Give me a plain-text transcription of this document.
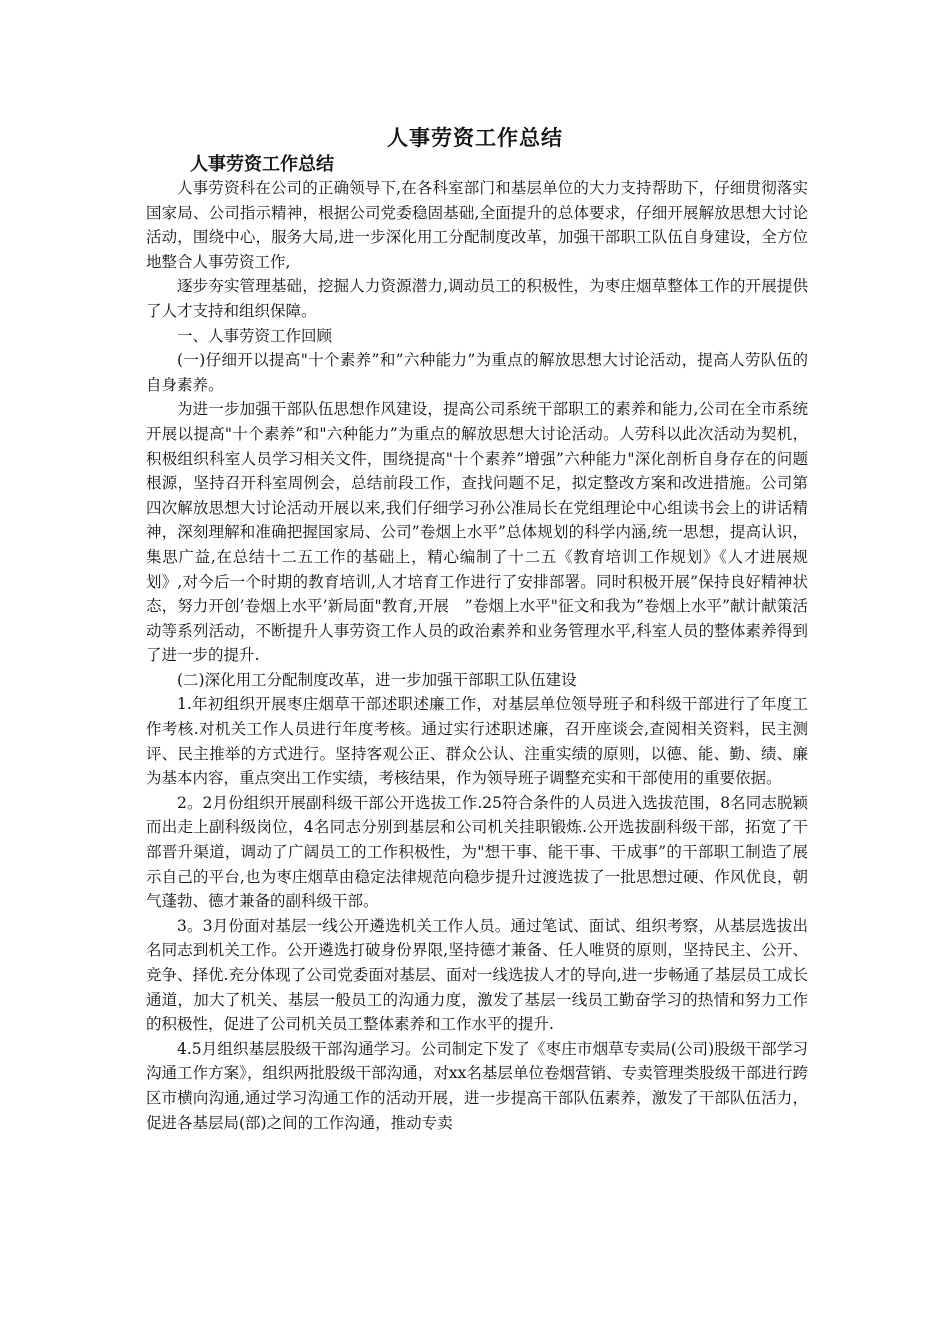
人事劳资工作总结
人事劳资工作总结

人事劳资科在公司的正确领导下,在各科室部门和基层单位的大力支持帮助下，仔细贯彻落实国家局、公司指示精神，根据公司党委稳固基础,全面提升的总体要求，仔细开展解放思想大讨论活动，围绕中心，服务大局,进一步深化用工分配制度改革，加强干部职工队伍自身建设，全方位地整合人事劳资工作,

逐步夯实管理基础，挖掘人力资源潜力,调动员工的积极性，为枣庄烟草整体工作的开展提供了人才支持和组织保障。

一、人事劳资工作回顾

(一)仔细开以提高"十个素养”和”六种能力”为重点的解放思想大讨论活动，提高人劳队伍的自身素养。

为进一步加强干部队伍思想作风建设，提高公司系统干部职工的素养和能力,公司在全市系统开展以提高"十个素养”和"六种能力”为重点的解放思想大讨论活动。人劳科以此次活动为契机，积极组织科室人员学习相关文件，围绕提高"十个素养”增强”六种能力"深化剖析自身存在的问题根源，坚持召开科室周例会，总结前段工作，查找问题不足，拟定整改方案和改进措施。公司第四次解放思想大讨论活动开展以来,我们仔细学习孙公准局长在党组理论中心组读书会上的讲话精神，深刻理解和准确把握国家局、公司”卷烟上水平”总体规划的科学内涵,统一思想，提高认识，集思广益,在总结十二五工作的基础上，精心编制了十二五《教育培训工作规划》《人才进展规划》,对今后一个时期的教育培训,人才培育工作进行了安排部署。同时积极开展”保持良好精神状态，努力开创’卷烟上水平’新局面"教育,开展　”卷烟上水平"征文和我为”卷烟上水平”献计献策活动等系列活动，不断提升人事劳资工作人员的政治素养和业务管理水平,科室人员的整体素养得到了进一步的提升.

(二)深化用工分配制度改革，进一步加强干部职工队伍建设

1.年初组织开展枣庄烟草干部述职述廉工作，对基层单位领导班子和科级干部进行了年度工作考核.对机关工作人员进行年度考核。通过实行述职述廉，召开座谈会,查阅相关资料，民主测评、民主推举的方式进行。坚持客观公正、群众公认、注重实绩的原则，以德、能、勤、绩、廉为基本内容，重点突出工作实绩，考核结果，作为领导班子调整充实和干部使用的重要依据。

2。2月份组织开展副科级干部公开选拔工作.25符合条件的人员进入选拔范围，8名同志脱颖而出走上副科级岗位，4名同志分别到基层和公司机关挂职锻炼.公开选拔副科级干部，拓宽了干部晋升渠道，调动了广阔员工的工作积极性，为"想干事、能干事、干成事”的干部职工制造了展示自己的平台,也为枣庄烟草由稳定法律规范向稳步提升过渡选拔了一批思想过硬、作风优良，朝气蓬勃、德才兼备的副科级干部。

3。3月份面对基层一线公开遴选机关工作人员。通过笔试、面试、组织考察，从基层选拔出名同志到机关工作。公开遴选打破身份界限,坚持德才兼备、任人唯贤的原则，坚持民主、公开、竞争、择优.充分体现了公司党委面对基层、面对一线选拔人才的导向,进一步畅通了基层员工成长通道，加大了机关、基层一般员工的沟通力度，激发了基层一线员工勤奋学习的热情和努力工作的积极性，促进了公司机关员工整体素养和工作水平的提升.

4.5月组织基层股级干部沟通学习。公司制定下发了《枣庄市烟草专卖局(公司)股级干部学习沟通工作方案》，组织两批股级干部沟通，对xx名基层单位卷烟营销、专卖管理类股级干部进行跨区市横向沟通,通过学习沟通工作的活动开展，进一步提高干部队伍素养，激发了干部队伍活力，促进各基层局(部)之间的工作沟通，推动专卖
